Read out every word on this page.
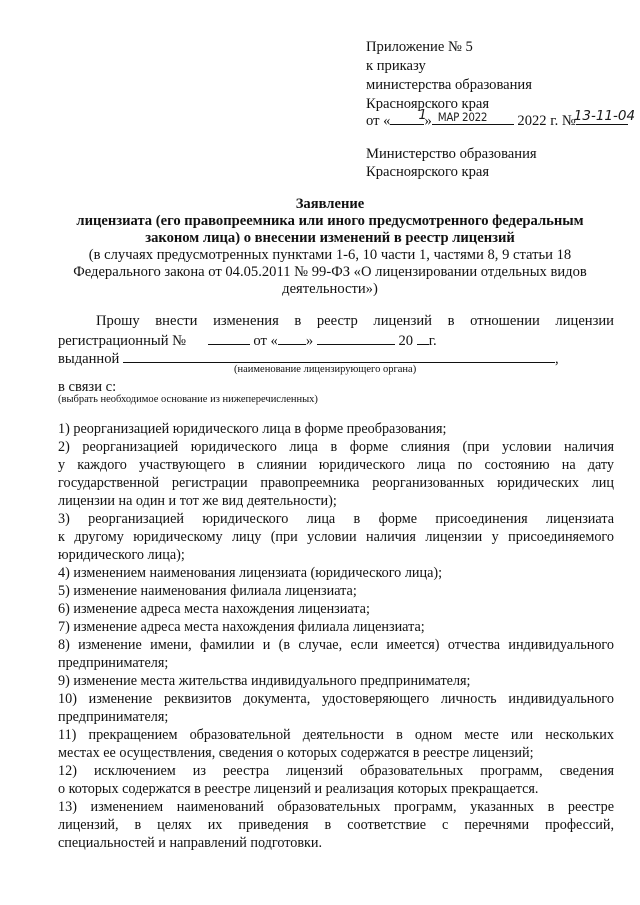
Приложение № 5
к приказу
министерства образования
Красноярского края
от « 1
» МАР 2022 2022 г. №
13-11-04
Министерство образования
Красноярского края
Заявление
лицензиата (его правопреемника или иного предусмотренного федеральным
законом лица) о внесении изменений в реестр лицензий
(в случаях предусмотренных пунктами 1-6, 10 части 1, частями 8, 9 статьи 18
Федерального закона от 04.05.2011 № 99-ФЗ «О лицензировании отдельных видов
деятельности»)
Прошу внести изменения в реестр лицензий в отношении лицензии
регистрационный №	от « »	20 г.
выданной	,
(наименование лицензирующего органа)
в связи с:
(выбрать необходимое основание из нижеперечисленных)
1) реорганизацией юридического лица в форме преобразования;
2) реорганизацией юридического лица в форме слияния (при условии наличия
у каждого участвующего в слиянии юридического лица по состоянию на дату
государственной регистрации правопреемника реорганизованных юридических лиц
лицензии на один и тот же вид деятельности);
3) реорганизацией юридического лица в форме присоединения лицензиата
к другому юридическому лицу (при условии наличия лицензии у присоединяемого
юридического лица);
4) изменением наименования лицензиата (юридического лица);
5) изменение наименования филиала лицензиата;
6) изменение адреса места нахождения лицензиата;
7) изменение адреса места нахождения филиала лицензиата;
8) изменение имени, фамилии и (в случае, если имеется) отчества индивидуального
предпринимателя;
9) изменение места жительства индивидуального предпринимателя;
10) изменение реквизитов документа, удостоверяющего личность индивидуального
предпринимателя;
11) прекращением образовательной деятельности в одном месте или нескольких
местах ее осуществления, сведения о которых содержатся в реестре лицензий;
12) исключением из реестра лицензий образовательных программ, сведения
о которых содержатся в реестре лицензий и реализация которых прекращается.
13) изменением наименований образовательных программ, указанных в реестре
лицензий, в целях их приведения в соответствие с перечнями профессий,
специальностей и направлений подготовки.
